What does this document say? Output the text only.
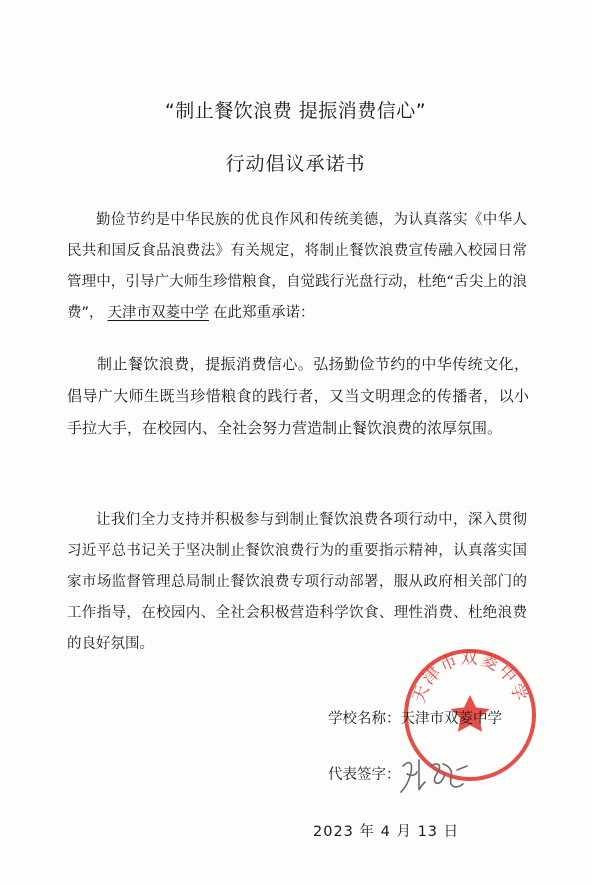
“制止餐饮浪费 提振消费信心”
行动倡议承诺书

勤俭节约是中华民族的优良作风和传统美德，为认真落实《中华人民共和国反食品浪费法》有关规定，将制止餐饮浪费宣传融入校园日常管理中，引导广大师生珍惜粮食，自觉践行光盘行动，杜绝“舌尖上的浪费”， 天津市双菱中学 在此郑重承诺：

制止餐饮浪费，提振消费信心。弘扬勤俭节约的中华传统文化，倡导广大师生既当珍惜粮食的践行者，又当文明理念的传播者，以小手拉大手，在校园内、全社会努力营造制止餐饮浪费的浓厚氛围。

让我们全力支持并积极参与到制止餐饮浪费各项行动中，深入贯彻习近平总书记关于坚决制止餐饮浪费行为的重要指示精神，认真落实国家市场监督管理总局制止餐饮浪费专项行动部署，服从政府相关部门的工作指导，在校园内、全社会积极营造科学饮食、理性消费、杜绝浪费的良好氛围。

天津市双菱中学
学校名称： 天津市双菱中学
代表签字：
2023 年 4 月 13 日
